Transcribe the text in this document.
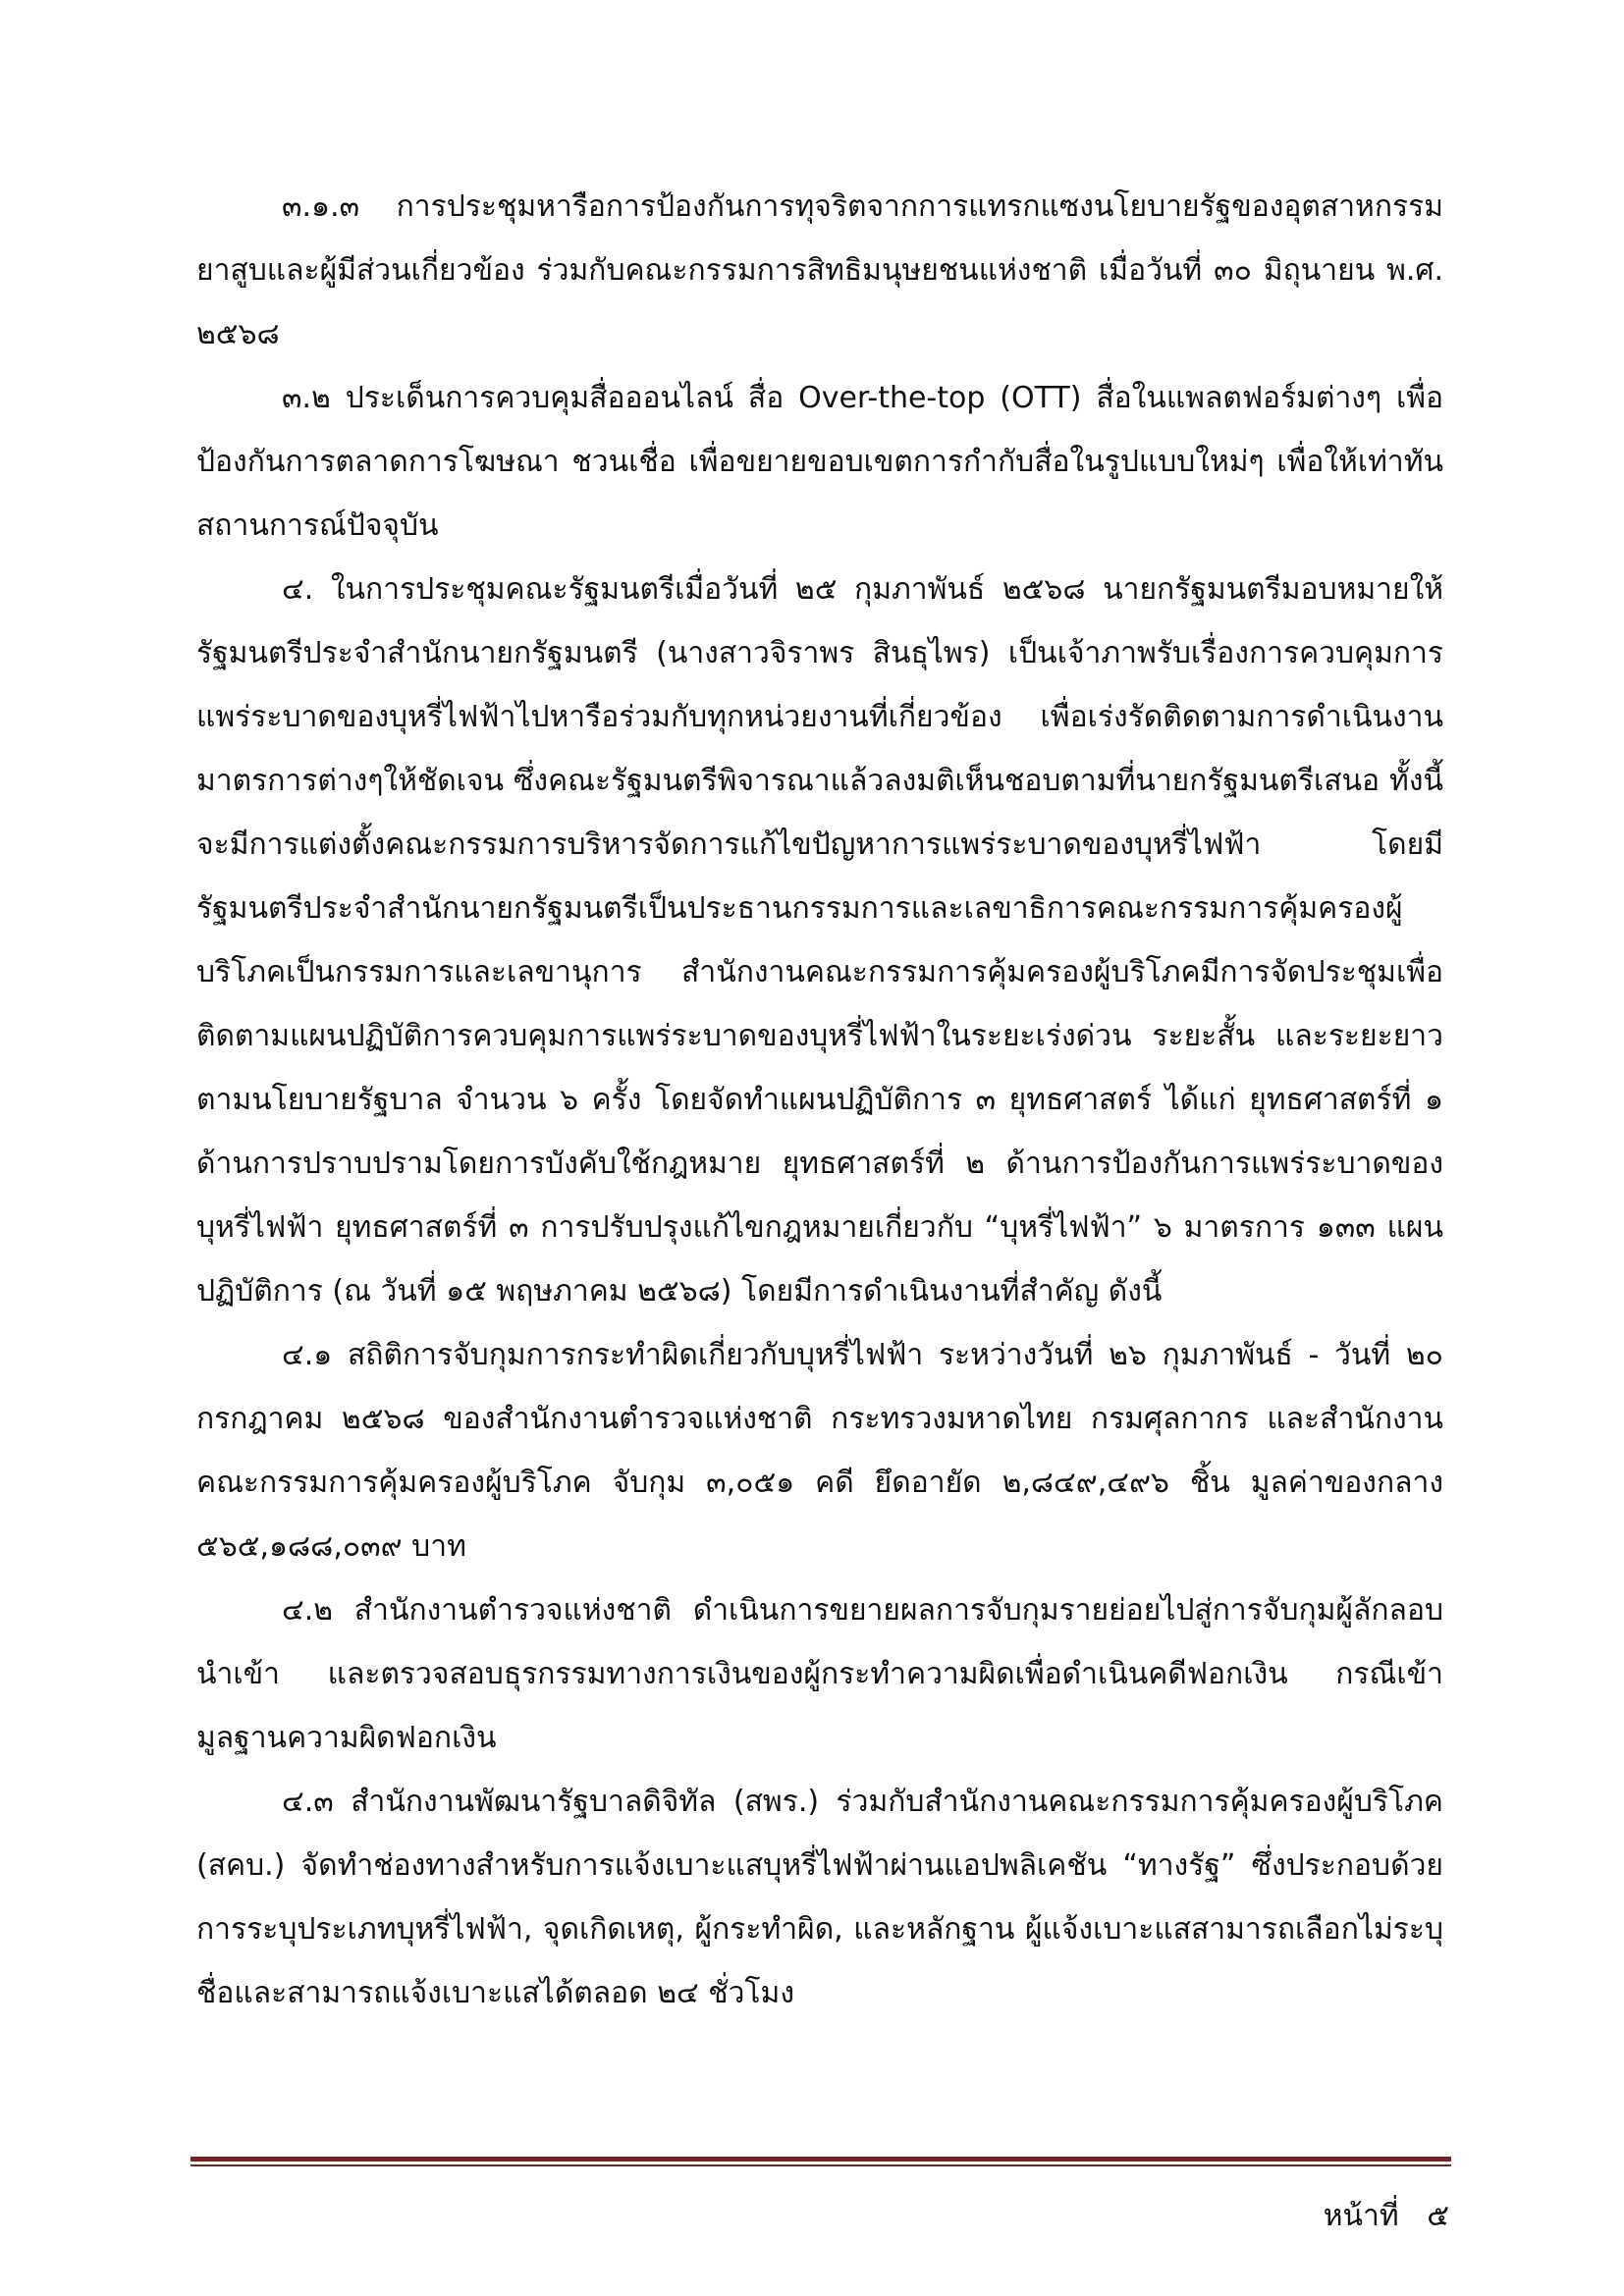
๓.๑.๓ การประชุมหารือการป้องกันการทุจริตจากการแทรกแซงนโยบายรัฐของอุตสาหกรรมยาสูบและผู้มีส่วนเกี่ยวข้อง ร่วมกับคณะกรรมการสิทธิมนุษยชนแห่งชาติ เมื่อวันที่ ๓๐ มิถุนายน พ.ศ. ๒๕๖๘

๓.๒ ประเด็นการควบคุมสื่อออนไลน์ สื่อ Over-the-top (OTT) สื่อในแพลตฟอร์มต่างๆ เพื่อป้องกันการตลาดการโฆษณา ชวนเชื่อ เพื่อขยายขอบเขตการกำกับสื่อในรูปแบบใหม่ๆ เพื่อให้เท่าทันสถานการณ์ปัจจุบัน

๔. ในการประชุมคณะรัฐมนตรีเมื่อวันที่ ๒๕ กุมภาพันธ์ ๒๕๖๘ นายกรัฐมนตรีมอบหมายให้รัฐมนตรีประจำสำนักนายกรัฐมนตรี (นางสาวจิราพร สินธุไพร) เป็นเจ้าภาพรับเรื่องการควบคุมการแพร่ระบาดของบุหรี่ไฟฟ้าไปหารือร่วมกับทุกหน่วยงานที่เกี่ยวข้อง เพื่อเร่งรัดติดตามการดำเนินงานมาตรการต่างๆให้ชัดเจน ซึ่งคณะรัฐมนตรีพิจารณาแล้วลงมติเห็นชอบตามที่นายกรัฐมนตรีเสนอ ทั้งนี้ จะมีการแต่งตั้งคณะกรรมการบริหารจัดการแก้ไขปัญหาการแพร่ระบาดของบุหรี่ไฟฟ้า โดยมีรัฐมนตรีประจำสำนักนายกรัฐมนตรีเป็นประธานกรรมการและเลขาธิการคณะกรรมการคุ้มครองผู้บริโภคเป็นกรรมการและเลขานุการ สำนักงานคณะกรรมการคุ้มครองผู้บริโภคมีการจัดประชุมเพื่อติดตามแผนปฏิบัติการควบคุมการแพร่ระบาดของบุหรี่ไฟฟ้าในระยะเร่งด่วน ระยะสั้น และระยะยาวตามนโยบายรัฐบาล จำนวน ๖ ครั้ง โดยจัดทำแผนปฏิบัติการ ๓ ยุทธศาสตร์ ได้แก่ ยุทธศาสตร์ที่ ๑ ด้านการปราบปรามโดยการบังคับใช้กฎหมาย ยุทธศาสตร์ที่ ๒ ด้านการป้องกันการแพร่ระบาดของบุหรี่ไฟฟ้า ยุทธศาสตร์ที่ ๓ การปรับปรุงแก้ไขกฎหมายเกี่ยวกับ “บุหรี่ไฟฟ้า” ๖ มาตรการ ๑๓๓ แผนปฏิบัติการ (ณ วันที่ ๑๕ พฤษภาคม ๒๕๖๘) โดยมีการดำเนินงานที่สำคัญ ดังนี้

๔.๑ สถิติการจับกุมการกระทำผิดเกี่ยวกับบุหรี่ไฟฟ้า ระหว่างวันที่ ๒๖ กุมภาพันธ์ - วันที่ ๒๐ กรกฎาคม ๒๕๖๘ ของสำนักงานตำรวจแห่งชาติ กระทรวงมหาดไทย กรมศุลกากร และสำนักงานคณะกรรมการคุ้มครองผู้บริโภค จับกุม ๓,๐๕๑ คดี ยึดอายัด ๒,๘๔๙,๔๙๖ ชิ้น มูลค่าของกลาง ๕๖๕,๑๘๘,๐๓๙ บาท

๔.๒ สำนักงานตำรวจแห่งชาติ ดำเนินการขยายผลการจับกุมรายย่อยไปสู่การจับกุมผู้ลักลอบนำเข้า และตรวจสอบธุรกรรมทางการเงินของผู้กระทำความผิดเพื่อดำเนินคดีฟอกเงิน กรณีเข้ามูลฐานความผิดฟอกเงิน

๔.๓ สำนักงานพัฒนารัฐบาลดิจิทัล (สพร.) ร่วมกับสำนักงานคณะกรรมการคุ้มครองผู้บริโภค (สคบ.) จัดทำช่องทางสำหรับการแจ้งเบาะแสบุหรี่ไฟฟ้าผ่านแอปพลิเคชัน “ทางรัฐ” ซึ่งประกอบด้วยการระบุประเภทบุหรี่ไฟฟ้า, จุดเกิดเหตุ, ผู้กระทำผิด, และหลักฐาน ผู้แจ้งเบาะแสสามารถเลือกไม่ระบุชื่อและสามารถแจ้งเบาะแสได้ตลอด ๒๔ ชั่วโมง

หน้าที่ ๕
